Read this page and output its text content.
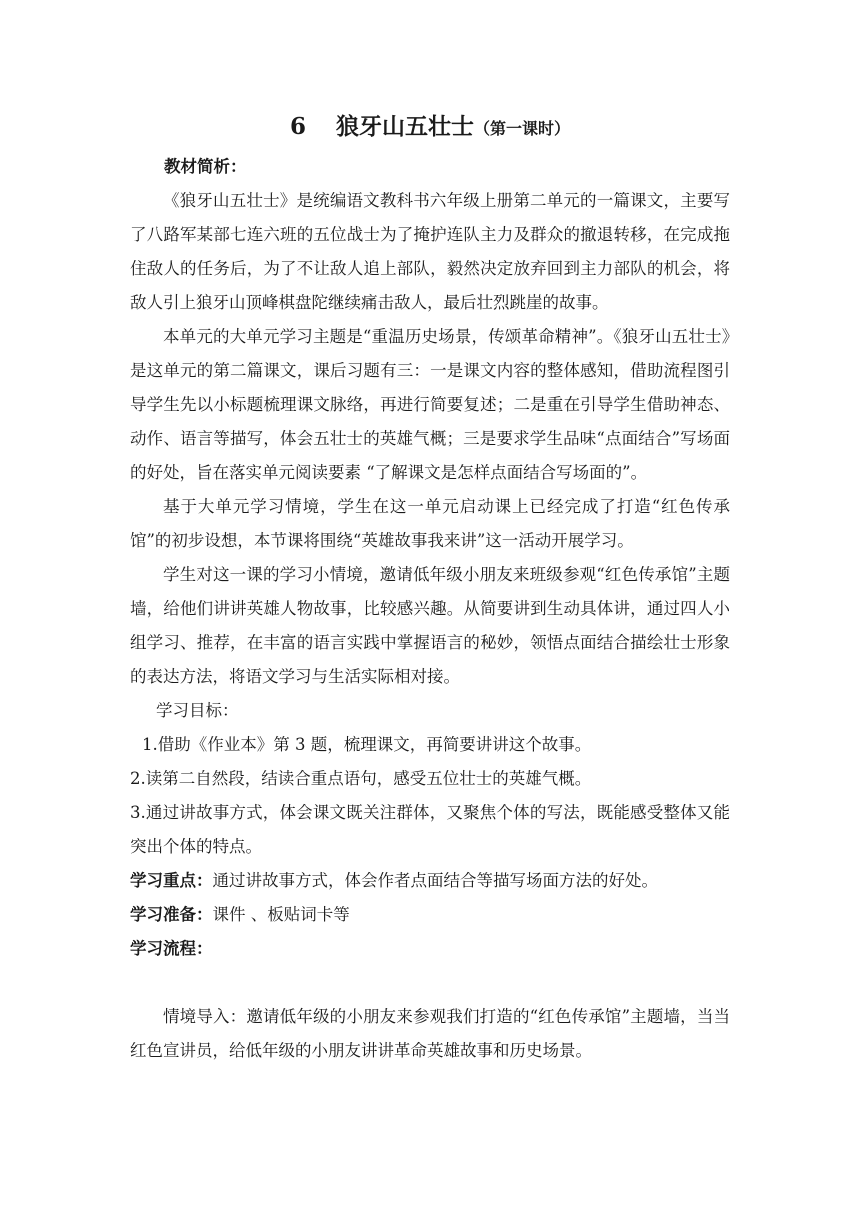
6 狼牙山五壮士（第一课时）

教材简析：

《狼牙山五壮士》是统编语文教科书六年级上册第二单元的一篇课文，主要写了八路军某部七连六班的五位战士为了掩护连队主力及群众的撤退转移，在完成拖住敌人的任务后，为了不让敌人追上部队，毅然决定放弃回到主力部队的机会，将敌人引上狼牙山顶峰棋盘陀继续痛击敌人，最后壮烈跳崖的故事。

本单元的大单元学习主题是“重温历史场景，传颂革命精神”。《狼牙山五壮士》是这单元的第二篇课文，课后习题有三：一是课文内容的整体感知，借助流程图引导学生先以小标题梳理课文脉络，再进行简要复述；二是重在引导学生借助神态、动作、语言等描写，体会五壮士的英雄气概；三是要求学生品味“点面结合”写场面的好处，旨在落实单元阅读要素 “了解课文是怎样点面结合写场面的”。

基于大单元学习情境，学生在这一单元启动课上已经完成了打造“红色传承馆”的初步设想，本节课将围绕“英雄故事我来讲”这一活动开展学习。

学生对这一课的学习小情境，邀请低年级小朋友来班级参观“红色传承馆”主题墙，给他们讲讲英雄人物故事，比较感兴趣。从简要讲到生动具体讲，通过四人小组学习、推荐，在丰富的语言实践中掌握语言的秘妙，领悟点面结合描绘壮士形象的表达方法，将语文学习与生活实际相对接。

学习目标：

1.借助《作业本》第 3 题，梳理课文，再简要讲讲这个故事。

2.读第二自然段，结读合重点语句，感受五位壮士的英雄气概。

3.通过讲故事方式，体会课文既关注群体，又聚焦个体的写法，既能感受整体又能突出个体的特点。

学习重点：通过讲故事方式，体会作者点面结合等描写场面方法的好处。

学习准备：课件 、板贴词卡等

学习流程：

情境导入：邀请低年级的小朋友来参观我们打造的“红色传承馆”主题墙，当当红色宣讲员，给低年级的小朋友讲讲革命英雄故事和历史场景。
